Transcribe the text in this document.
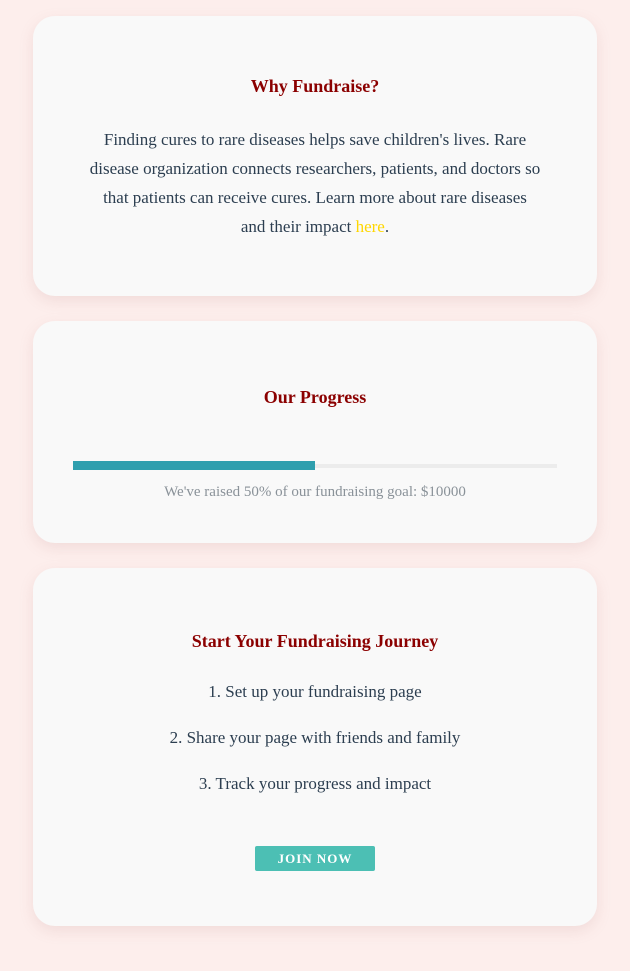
Why Fundraise?

Finding cures to rare diseases helps save children's lives. Rare disease organization connects researchers, patients, and doctors so that patients can receive cures. Learn more about rare diseases and their impact here.

Our Progress

We've raised 50% of our fundraising goal: $10000

Start Your Fundraising Journey
1. Set up your fundraising page
2. Share your page with friends and family
3. Track your progress and impact
JOIN NOW
